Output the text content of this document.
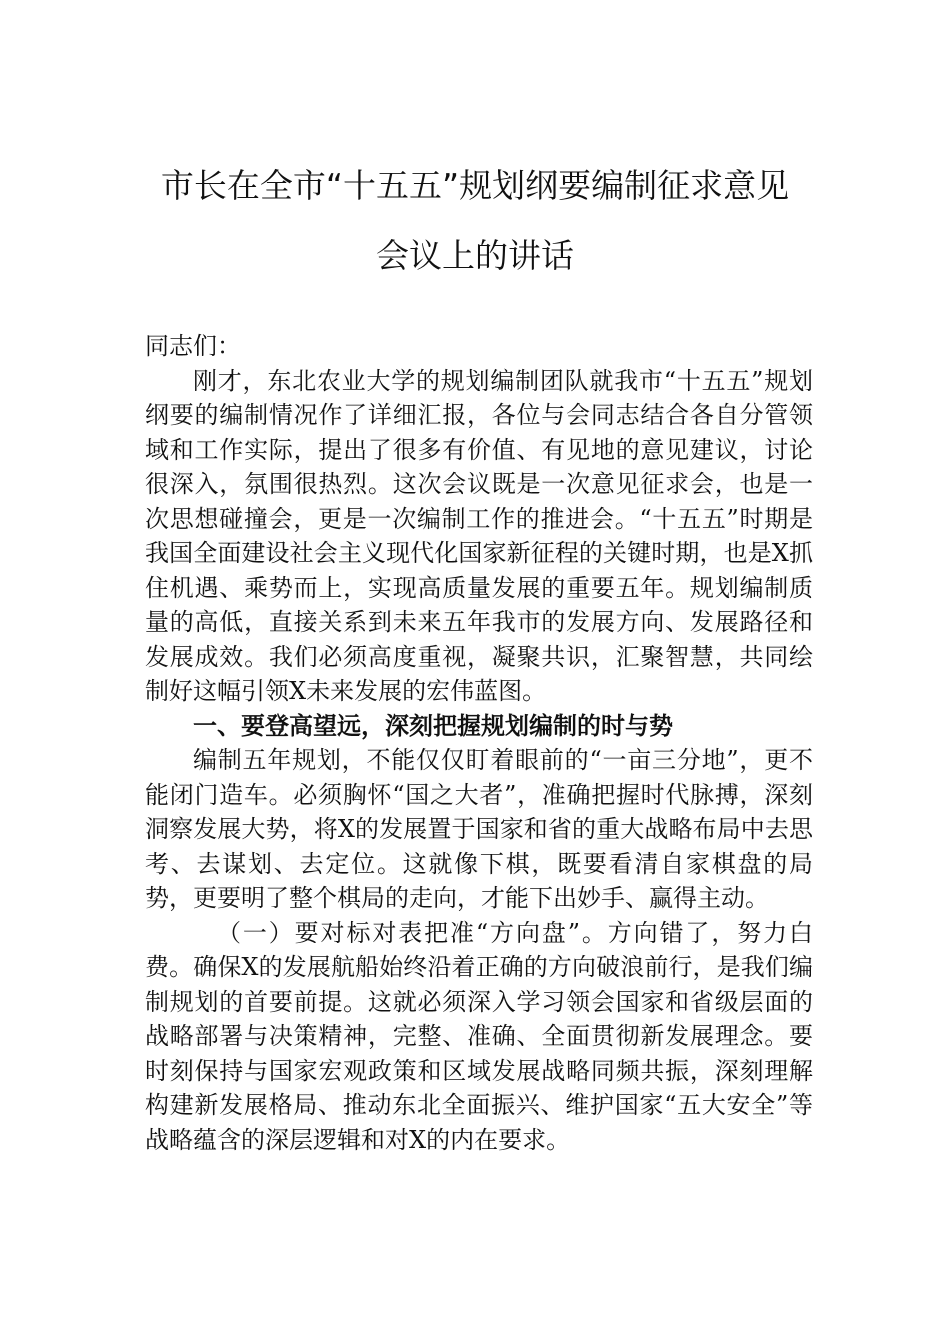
市长在全市“十五五”规划纲要编制征求意见
会议上的讲话

同志们：

刚才，东北农业大学的规划编制团队就我市“十五五”规划纲要的编制情况作了详细汇报，各位与会同志结合各自分管领域和工作实际，提出了很多有价值、有见地的意见建议，讨论很深入，氛围很热烈。这次会议既是一次意见征求会，也是一次思想碰撞会，更是一次编制工作的推进会。“十五五”时期是我国全面建设社会主义现代化国家新征程的关键时期，也是X抓住机遇、乘势而上，实现高质量发展的重要五年。规划编制质量的高低，直接关系到未来五年我市的发展方向、发展路径和发展成效。我们必须高度重视，凝聚共识，汇聚智慧，共同绘制好这幅引领X未来发展的宏伟蓝图。

一、要登高望远，深刻把握规划编制的时与势

编制五年规划，不能仅仅盯着眼前的“一亩三分地”，更不能闭门造车。必须胸怀“国之大者”，准确把握时代脉搏，深刻洞察发展大势，将X的发展置于国家和省的重大战略布局中去思考、去谋划、去定位。这就像下棋，既要看清自家棋盘的局势，更要明了整个棋局的走向，才能下出妙手、赢得主动。

（一）要对标对表把准“方向盘”。方向错了，努力白费。确保X的发展航船始终沿着正确的方向破浪前行，是我们编制规划的首要前提。这就必须深入学习领会国家和省级层面的战略部署与决策精神，完整、准确、全面贯彻新发展理念。要时刻保持与国家宏观政策和区域发展战略同频共振，深刻理解构建新发展格局、推动东北全面振兴、维护国家“五大安全”等战略蕴含的深层逻辑和对X的内在要求。
